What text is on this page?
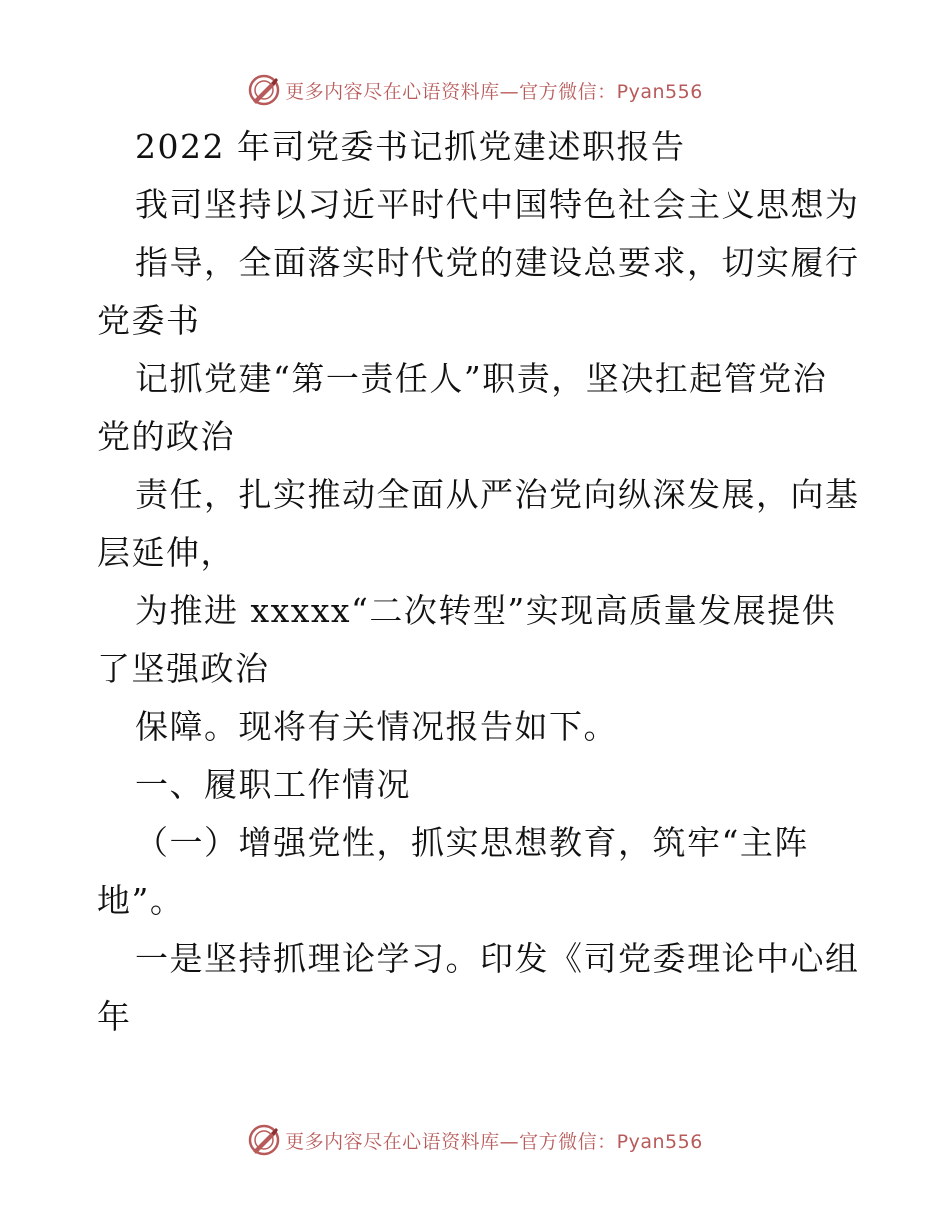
更多内容尽在心语资料库—官方微信：Pyan556
2022 年司党委书记抓党建述职报告
我司坚持以习近平时代中国特色社会主义思想为
指导，全面落实时代党的建设总要求，切实履行
党委书
记抓党建“第一责任人”职责，坚决扛起管党治
党的政治
责任，扎实推动全面从严治党向纵深发展，向基
层延伸，
为推进 xxxxx“二次转型”实现高质量发展提供
了坚强政治
保障。现将有关情况报告如下。
一、履职工作情况
（一）增强党性，抓实思想教育，筑牢“主阵
地”。
一是坚持抓理论学习。印发《司党委理论中心组
年
更多内容尽在心语资料库—官方微信：Pyan556
